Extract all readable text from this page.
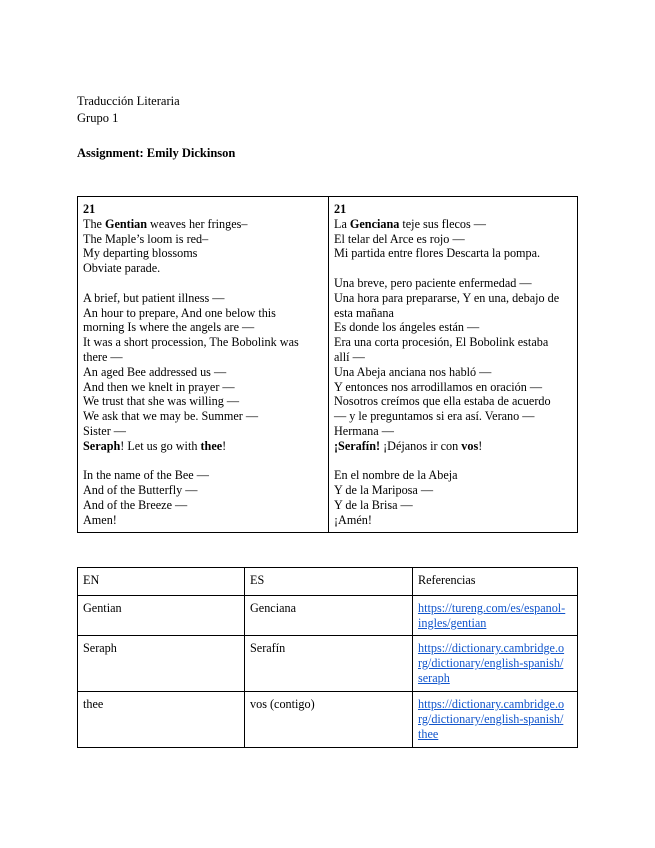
Traducción Literaria
Grupo 1
Assignment: Emily Dickinson
21
The Gentian weaves her fringes–
The Maple’s loom is red–
My departing blossoms
Obviate parade.
A brief, but patient illness —
An hour to prepare, And one below this
morning Is where the angels are —
It was a short procession, The Bobolink was
there —
An aged Bee addressed us —
And then we knelt in prayer —
We trust that she was willing —
We ask that we may be. Summer —
Sister —
Seraph! Let us go with thee!
In the name of the Bee —
And of the Butterfly —
And of the Breeze —
Amen!

21
La Genciana teje sus flecos —
El telar del Arce es rojo —
Mi partida entre flores Descarta la pompa.
Una breve, pero paciente enfermedad —
Una hora para prepararse, Y en una, debajo de
esta mañana
Es donde los ángeles están —
Era una corta procesión, El Bobolink estaba
allí —
Una Abeja anciana nos habló —
Y entonces nos arrodillamos en oración —
Nosotros creímos que ella estaba de acuerdo
— y le preguntamos si era así. Verano —
Hermana —
¡Serafín! ¡Déjanos ir con vos!
En el nombre de la Abeja
Y de la Mariposa —
Y de la Brisa —
¡Amén!
EN	ES	Referencias
Gentian	Genciana	https://tureng.com/es/espanol-
ingles/gentian
Seraph	Serafín	https://dictionary.cambridge.o
rg/dictionary/english-spanish/
seraph
thee	vos (contigo)	https://dictionary.cambridge.o
rg/dictionary/english-spanish/
thee
